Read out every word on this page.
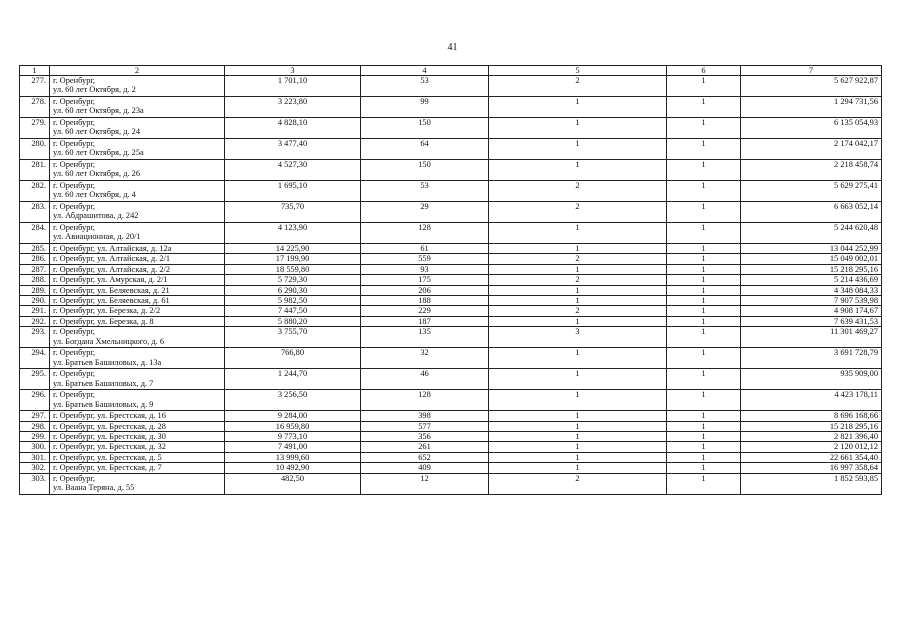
41
1	2	3	4	5	6	7
277.	г. Оренбург,
ул. 60 лет Октября, д. 2	1 701,10	53	2	1	5 627 922,87
278.	г. Оренбург,
ул. 60 лет Октября, д. 23а	3 223,80	99	1	1	1 294 731,56
279.	г. Оренбург,
ул. 60 лет Октября, д. 24	4 828,10	150	1	1	6 135 054,93
280.	г. Оренбург,
ул. 60 лет Октября, д. 25а	3 477,40	64	1	1	2 174 042,17
281.	г. Оренбург,
ул. 60 лет Октября, д. 26	4 527,30	150	1	1	2 218 458,74
282.	г. Оренбург,
ул. 60 лет Октября, д. 4	1 695,10	53	2	1	5 629 275,41
283.	г. Оренбург,
ул. Абдрашитова, д. 242	735,70	29	2	1	6 663 052,14
284.	г. Оренбург,
ул. Авиационная, д. 20/1	4 123,90	128	1	1	5 244 620,48
285.	г. Оренбург, ул. Алтайская, д. 12а	14 225,90	61	1	1	13 044 252,99
286.	г. Оренбург, ул. Алтайская, д. 2/1	17 199,90	559	2	1	15 049 002,01
287.	г. Оренбург, ул. Алтайская, д. 2/2	18 559,80	93	1	1	15 218 295,16
288.	г. Оренбург, ул. Амурская, д. 2/1	5 729,30	175	2	1	5 214 436,69
289.	г. Оренбург, ул. Беляевская, д. 21	6 290,30	206	1	1	4 348 084,33
290.	г. Оренбург, ул. Беляевская, д. 61	5 982,50	188	1	1	7 907 539,98
291.	г. Оренбург, ул. Березка, д. 2/2	7 447,50	229	2	1	4 908 174,67
292.	г. Оренбург, ул. Березка, д. 8	5 880,20	187	1	1	7 639 431,53
293.	г. Оренбург,
ул. Богдана Хмельницкого, д. 6	3 755,70	135	3	1	11 301 469,27
294.	г. Оренбург,
ул. Братьев Башиловых, д. 13а	766,80	32	1	1	3 691 728,79
295.	г. Оренбург,
ул. Братьев Башиловых, д. 7	1 244,70	46	1	1	935 909,00
296.	г. Оренбург,
ул. Братьев Башиловых, д. 9	3 256,50	128	1	1	4 423 178,11
297.	г. Оренбург, ул. Брестская, д. 16	9 284,00	398	1	1	8 696 168,66
298.	г. Оренбург, ул. Брестская, д. 28	16 959,80	577	1	1	15 218 295,16
299.	г. Оренбург, ул. Брестская, д. 30	9 773,10	356	1	1	2 821 396,40
300.	г. Оренбург, ул. Брестская, д. 32	7 491,00	261	1	1	2 120 012,12
301.	г. Оренбург, ул. Брестская, д. 5	13 999,60	652	1	1	22 661 354,40
302.	г. Оренбург, ул. Брестская, д. 7	10 492,90	409	1	1	16 997 358,64
303.	г. Оренбург,
ул. Ваана Теряна, д. 55	482,50	12	2	1	1 852 593,85
